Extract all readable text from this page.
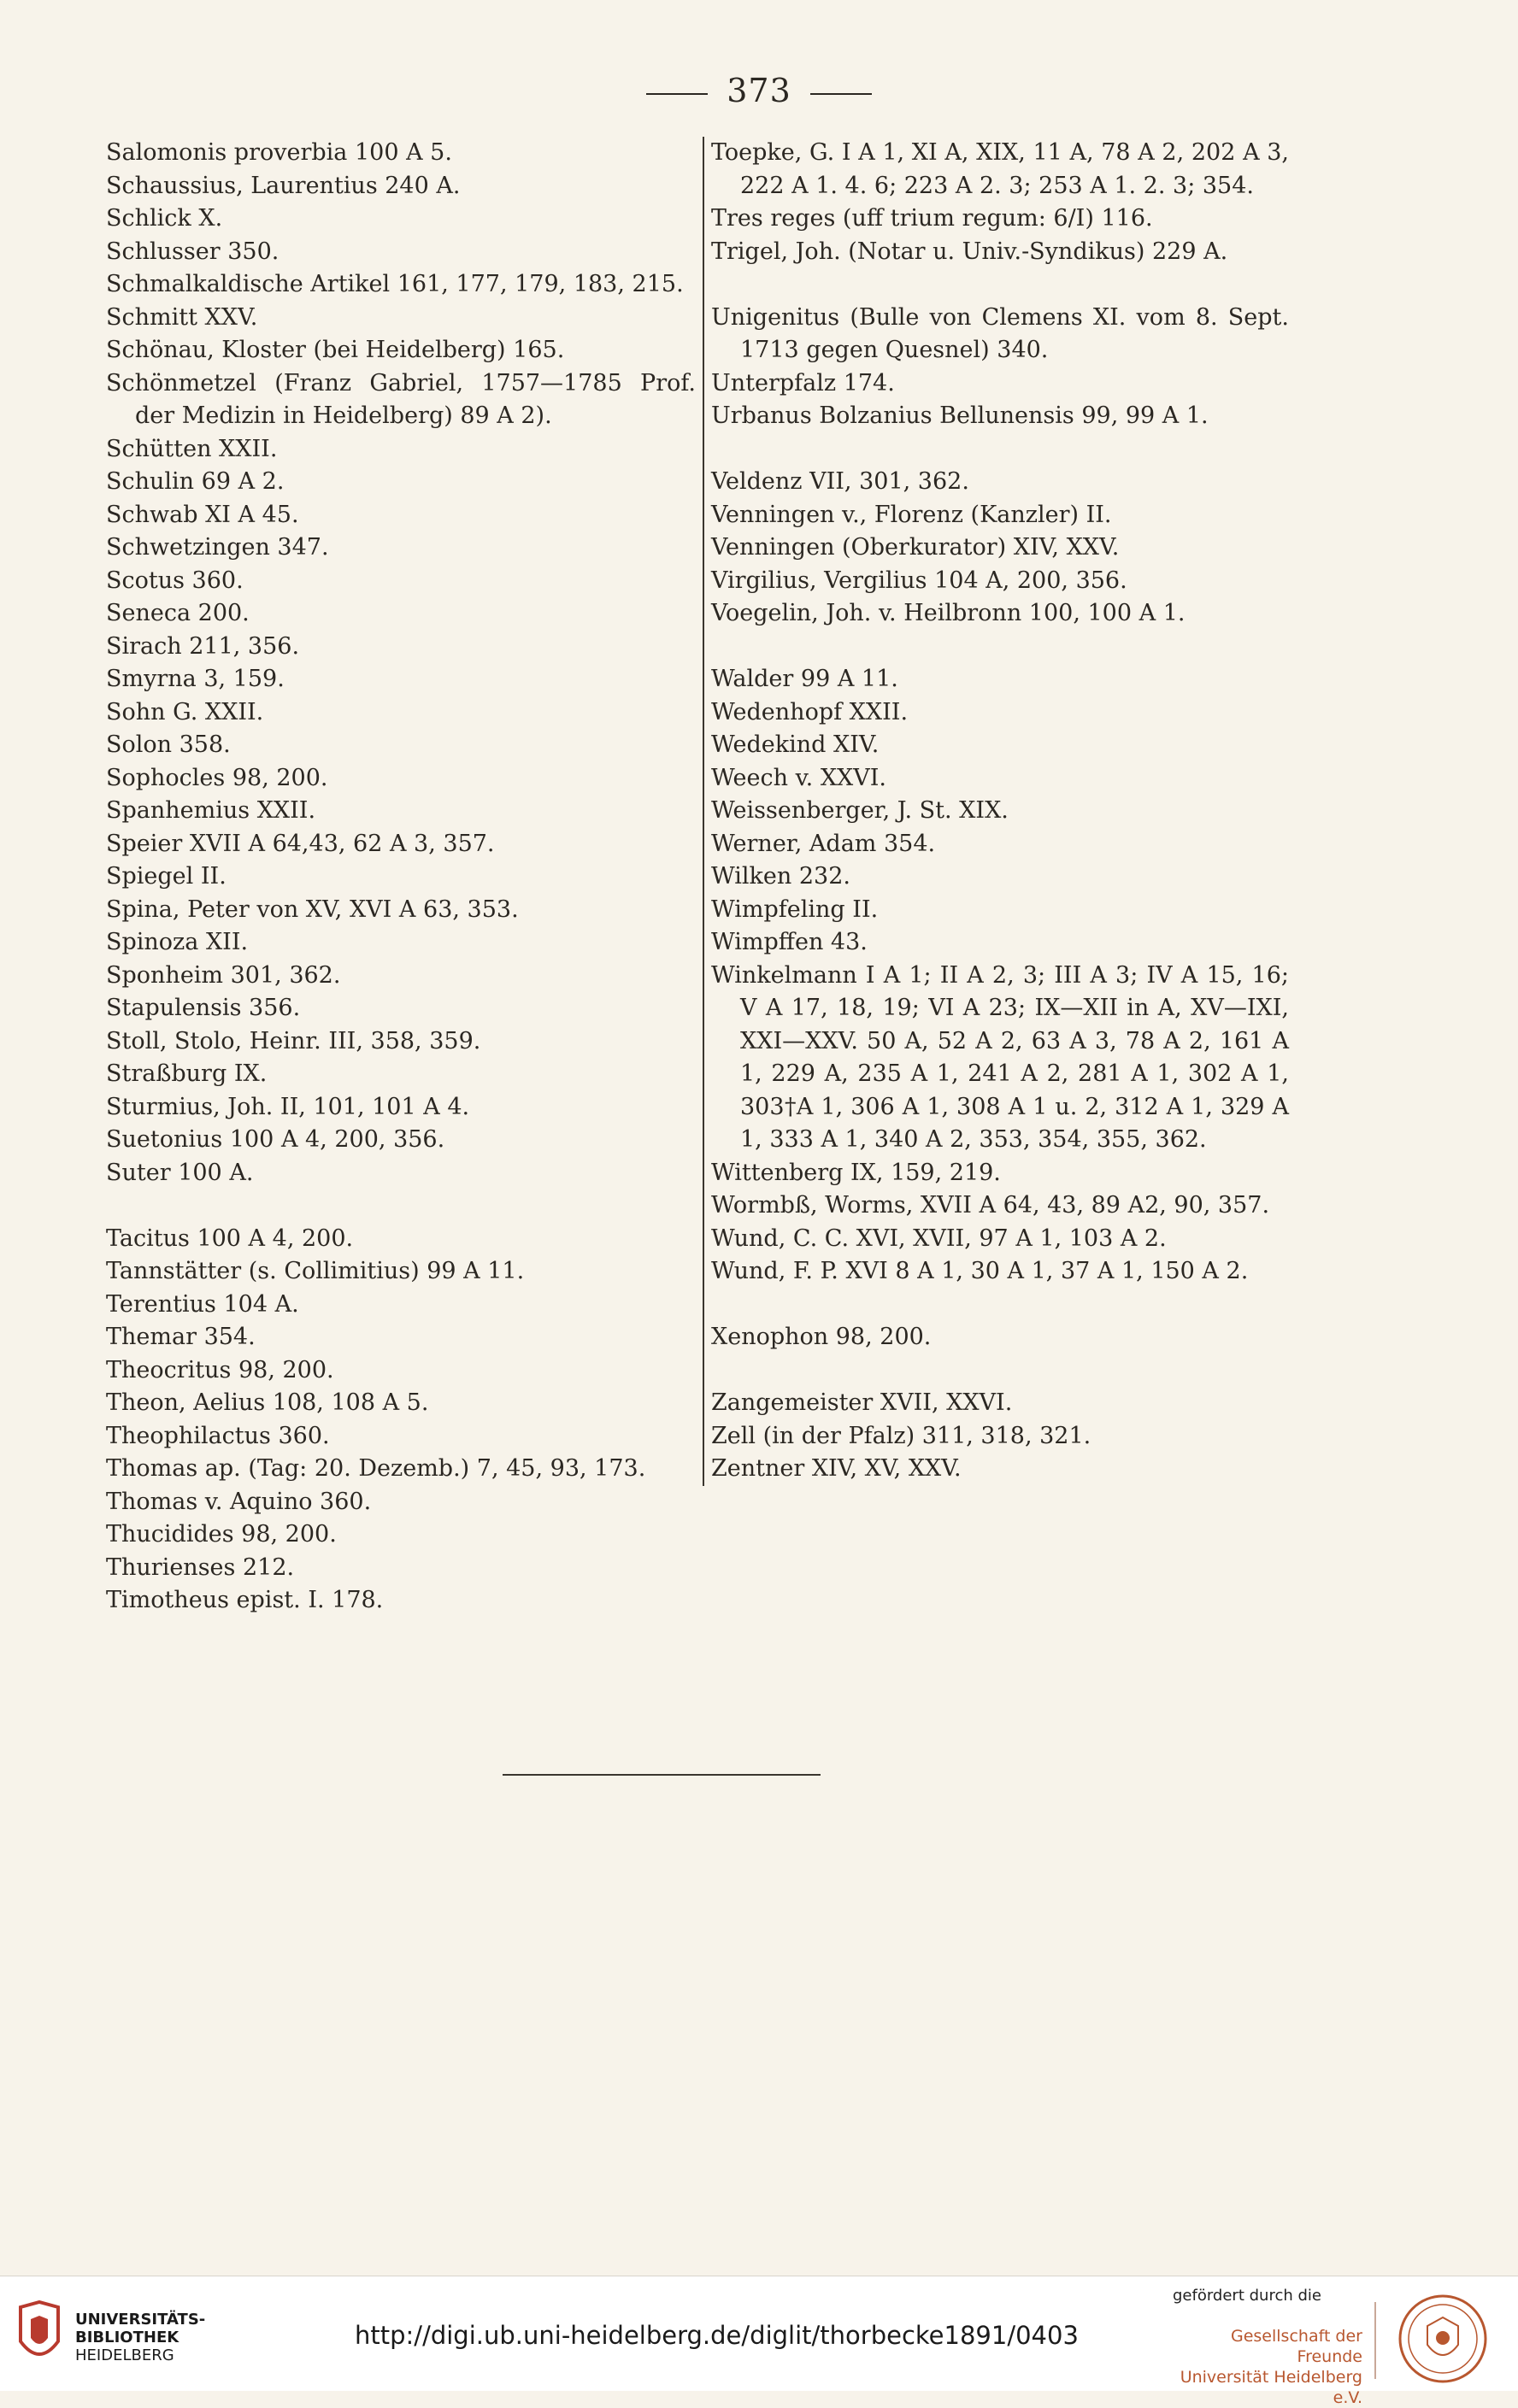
373
Salomonis proverbia 100 A 5.
Schaussius, Laurentius 240 A.
Schlick X.
Schlusser 350.
Schmalkaldische Artikel 161, 177, 179, 183, 215.
Schmitt XXV.
Schönau, Kloster (bei Heidelberg) 165.
Schönmetzel (Franz Gabriel, 1757—1785 Prof. der Medizin in Heidelberg) 89 A 2).
Schütten XXII.
Schulin 69 A 2.
Schwab XI A 45.
Schwetzingen 347.
Scotus 360.
Seneca 200.
Sirach 211, 356.
Smyrna 3, 159.
Sohn G. XXII.
Solon 358.
Sophocles 98, 200.
Spanhemius XXII.
Speier XVII A 64,43, 62 A 3, 357.
Spiegel II.
Spina, Peter von XV, XVI A 63, 353.
Spinoza XII.
Sponheim 301, 362.
Stapulensis 356.
Stoll, Stolo, Heinr. III, 358, 359.
Straßburg IX.
Sturmius, Joh. II, 101, 101 A 4.
Suetonius 100 A 4, 200, 356.
Suter 100 A.
Tacitus 100 A 4, 200.
Tannstätter (s. Collimitius) 99 A 11.
Terentius 104 A.
Themar 354.
Theocritus 98, 200.
Theon, Aelius 108, 108 A 5.
Theophilactus 360.
Thomas ap. (Tag: 20. Dezemb.) 7, 45, 93, 173.
Thomas v. Aquino 360.
Thucidides 98, 200.
Thurienses 212.
Timotheus epist. I. 178.
Toepke, G. I A 1, XI A, XIX, 11 A, 78 A 2, 202 A 3, 222 A 1. 4. 6; 223 A 2. 3; 253 A 1. 2. 3; 354.
Tres reges (uff trium regum: 6/I) 116.
Trigel, Joh. (Notar u. Univ.-Syndikus) 229 A.
Unigenitus (Bulle von Clemens XI. vom 8. Sept. 1713 gegen Quesnel) 340.
Unterpfalz 174.
Urbanus Bolzanius Bellunensis 99, 99 A 1.
Veldenz VII, 301, 362.
Venningen v., Florenz (Kanzler) II.
Venningen (Oberkurator) XIV, XXV.
Virgilius, Vergilius 104 A, 200, 356.
Voegelin, Joh. v. Heilbronn 100, 100 A 1.
Walder 99 A 11.
Wedenhopf XXII.
Wedekind XIV.
Weech v. XXVI.
Weissenberger, J. St. XIX.
Werner, Adam 354.
Wilken 232.
Wimpfeling II.
Wimpffen 43.
Winkelmann I A 1; II A 2, 3; III A 3; IV A 15, 16; V A 17, 18, 19; VI A 23; IX—XII in A, XV—IXI, XXI—XXV. 50 A, 52 A 2, 63 A 3, 78 A 2, 161 A 1, 229 A, 235 A 1, 241 A 2, 281 A 1, 302 A 1, 303†A 1, 306 A 1, 308 A 1 u. 2, 312 A 1, 329 A 1, 333 A 1, 340 A 2, 353, 354, 355, 362.
Wittenberg IX, 159, 219.
Wormbß, Worms, XVII A 64, 43, 89 A2, 90, 357.
Wund, C. C. XVI, XVII, 97 A 1, 103 A 2.
Wund, F. P. XVI 8 A 1, 30 A 1, 37 A 1, 150 A 2.
Xenophon 98, 200.
Zangemeister XVII, XXVI.
Zell (in der Pfalz) 311, 318, 321.
Zentner XIV, XV, XXV.
UNIVERSITÄTS-
BIBLIOTHEK
HEIDELBERG
http://digi.ub.uni-heidelberg.de/diglit/thorbecke1891/0403
gefördert durch die
Gesellschaft der Freunde
Universität Heidelberg e.V.
